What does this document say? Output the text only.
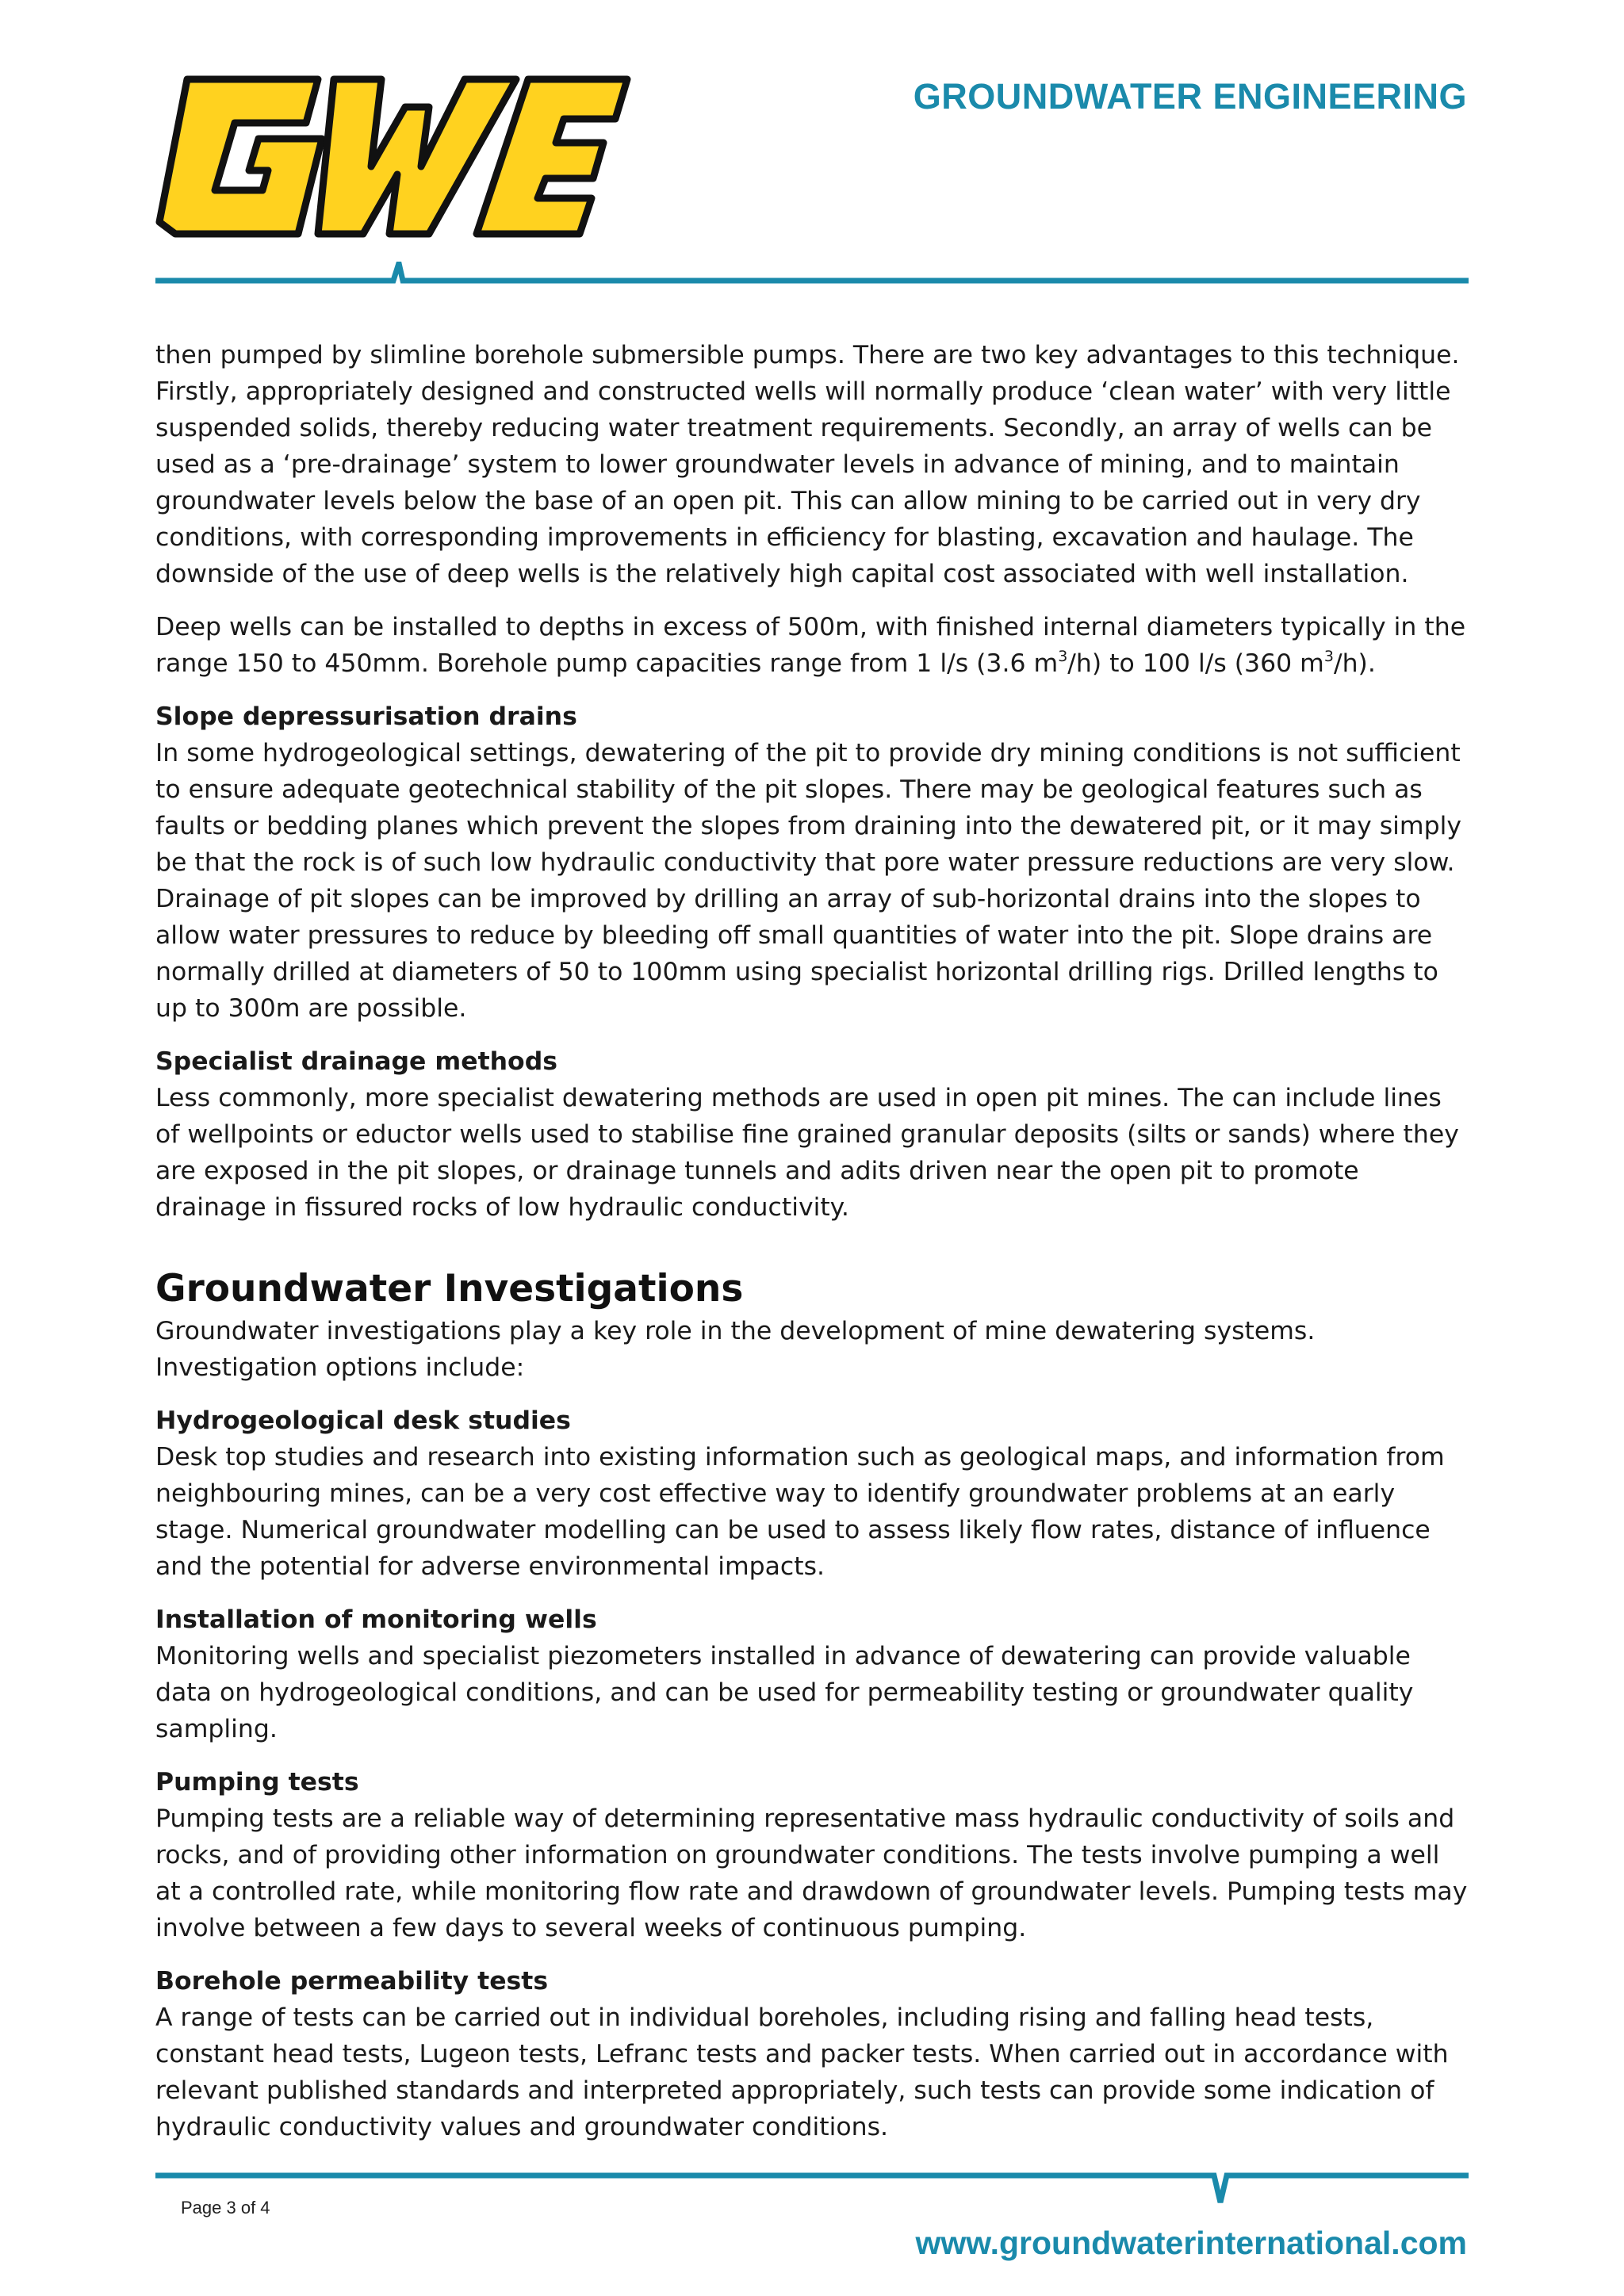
GROUNDWATER ENGINEERING

then pumped by slimline borehole submersible pumps. There are two key advantages to this technique. Firstly, appropriately designed and constructed wells will normally produce ‘clean water’ with very little suspended solids, thereby reducing water treatment requirements. Secondly, an array of wells can be used as a ‘pre-drainage’ system to lower groundwater levels in advance of mining, and to maintain groundwater levels below the base of an open pit. This can allow mining to be carried out in very dry conditions, with corresponding improvements in efficiency for blasting, excavation and haulage. The downside of the use of deep wells is the relatively high capital cost associated with well installation.

Deep wells can be installed to depths in excess of 500m, with finished internal diameters typically in the range 150 to 450mm. Borehole pump capacities range from 1 l/s (3.6 $m^3/h$) to 100 l/s (360 $m^3/h$).

Slope depressurisation drains

In some hydrogeological settings, dewatering of the pit to provide dry mining conditions is not sufficient to ensure adequate geotechnical stability of the pit slopes. There may be geological features such as faults or bedding planes which prevent the slopes from draining into the dewatered pit, or it may simply be that the rock is of such low hydraulic conductivity that pore water pressure reductions are very slow. Drainage of pit slopes can be improved by drilling an array of sub-horizontal drains into the slopes to allow water pressures to reduce by bleeding off small quantities of water into the pit. Slope drains are normally drilled at diameters of 50 to 100mm using specialist horizontal drilling rigs. Drilled lengths to up to 300m are possible.

Specialist drainage methods

Less commonly, more specialist dewatering methods are used in open pit mines. The can include lines of wellpoints or eductor wells used to stabilise fine grained granular deposits (silts or sands) where they are exposed in the pit slopes, or drainage tunnels and adits driven near the open pit to promote drainage in fissured rocks of low hydraulic conductivity.

Groundwater Investigations

Groundwater investigations play a key role in the development of mine dewatering systems. Investigation options include:

Hydrogeological desk studies

Desk top studies and research into existing information such as geological maps, and information from neighbouring mines, can be a very cost effective way to identify groundwater problems at an early stage. Numerical groundwater modelling can be used to assess likely flow rates, distance of influence and the potential for adverse environmental impacts.

Installation of monitoring wells

Monitoring wells and specialist piezometers installed in advance of dewatering can provide valuable data on hydrogeological conditions, and can be used for permeability testing or groundwater quality sampling.

Pumping tests

Pumping tests are a reliable way of determining representative mass hydraulic conductivity of soils and rocks, and of providing other information on groundwater conditions. The tests involve pumping a well at a controlled rate, while monitoring flow rate and drawdown of groundwater levels. Pumping tests may involve between a few days to several weeks of continuous pumping.

Borehole permeability tests

A range of tests can be carried out in individual boreholes, including rising and falling head tests, constant head tests, Lugeon tests, Lefranc tests and packer tests. When carried out in accordance with relevant published standards and interpreted appropriately, such tests can provide some indication of hydraulic conductivity values and groundwater conditions.

Page 3 of 4
www.groundwaterinternational.com
